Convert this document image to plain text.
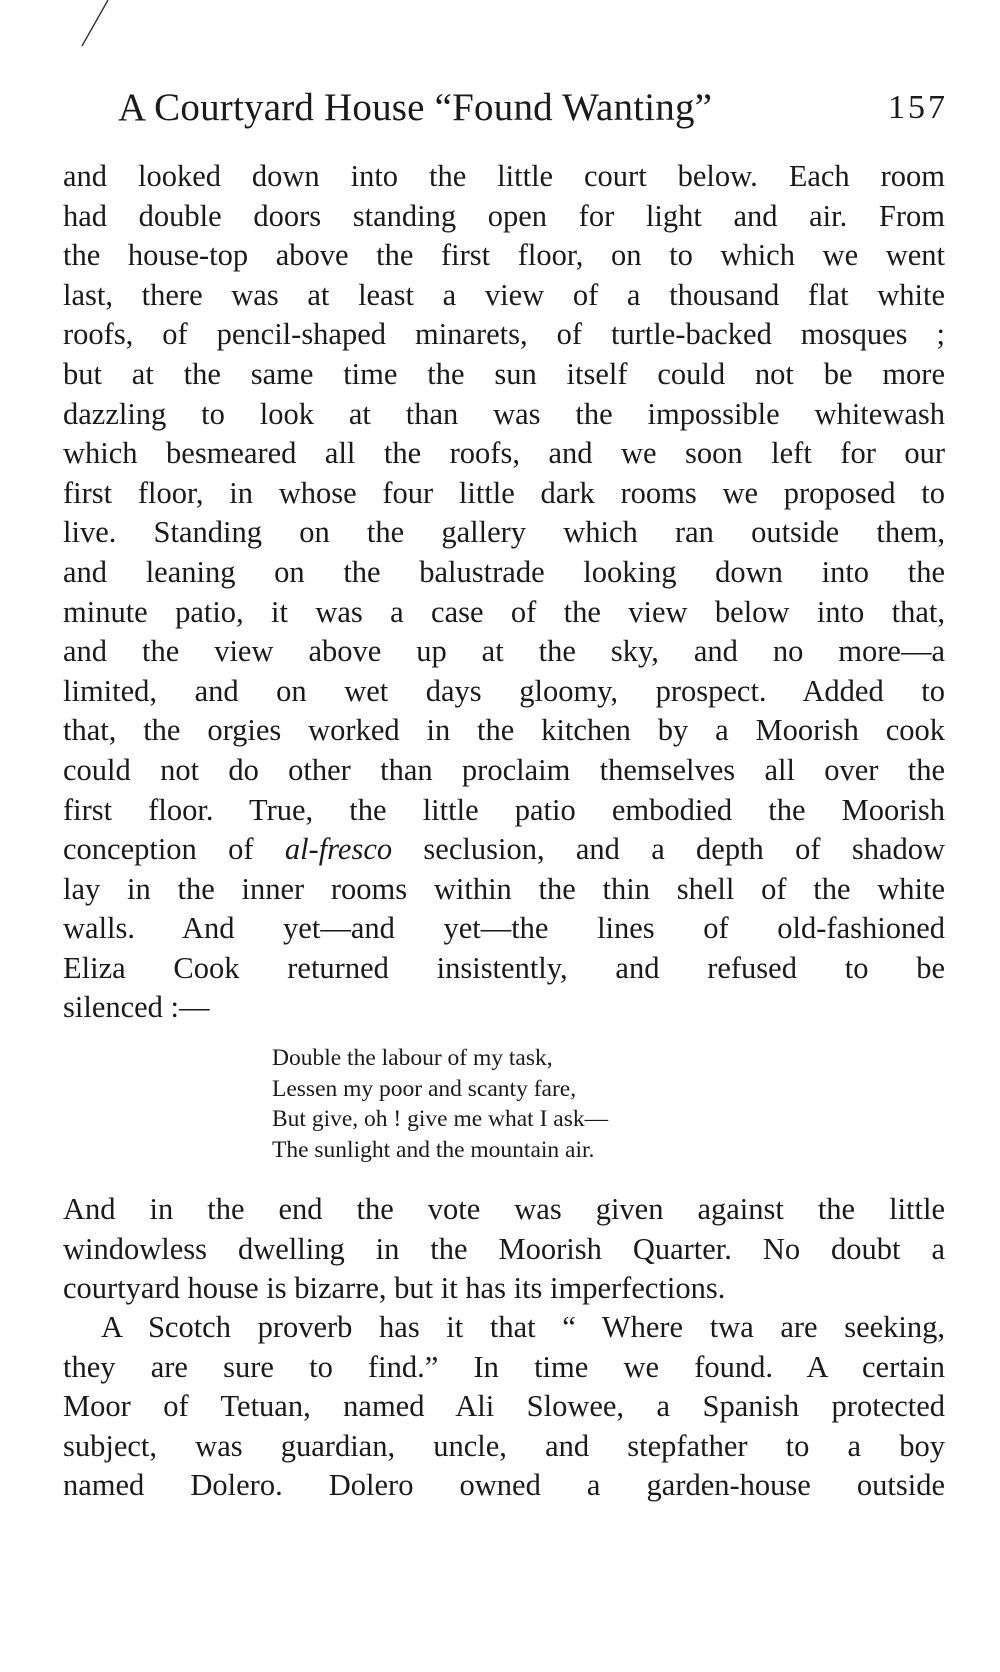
A Courtyard House “Found Wanting”	157
and looked down into the little court below. Each room
had double doors standing open for light and air. From
the house-top above the first floor, on to which we went
last, there was at least a view of a thousand flat white
roofs, of pencil-shaped minarets, of turtle-backed mosques ;
but at the same time the sun itself could not be more
dazzling to look at than was the impossible whitewash
which besmeared all the roofs, and we soon left for our
first floor, in whose four little dark rooms we proposed to
live. Standing on the gallery which ran outside them,
and leaning on the balustrade looking down into the
minute patio, it was a case of the view below into that,
and the view above up at the sky, and no more—a
limited, and on wet days gloomy, prospect. Added to
that, the orgies worked in the kitchen by a Moorish cook
could not do other than proclaim themselves all over the
first floor. True, the little patio embodied the Moorish
conception of al-fresco seclusion, and a depth of shadow
lay in the inner rooms within the thin shell of the white
walls. And yet—and yet—the lines of old-fashioned
Eliza Cook returned insistently, and refused to be
silenced :—
Double the labour of my task,
Lessen my poor and scanty fare,
But give, oh ! give me what I ask—
The sunlight and the mountain air.
And in the end the vote was given against the little
windowless dwelling in the Moorish Quarter. No doubt a
courtyard house is bizarre, but it has its imperfections.
A Scotch proverb has it that “ Where twa are seeking,
they are sure to find.” In time we found. A certain
Moor of Tetuan, named Ali Slowee, a Spanish protected
subject, was guardian, uncle, and stepfather to a boy
named Dolero. Dolero owned a garden-house outside
